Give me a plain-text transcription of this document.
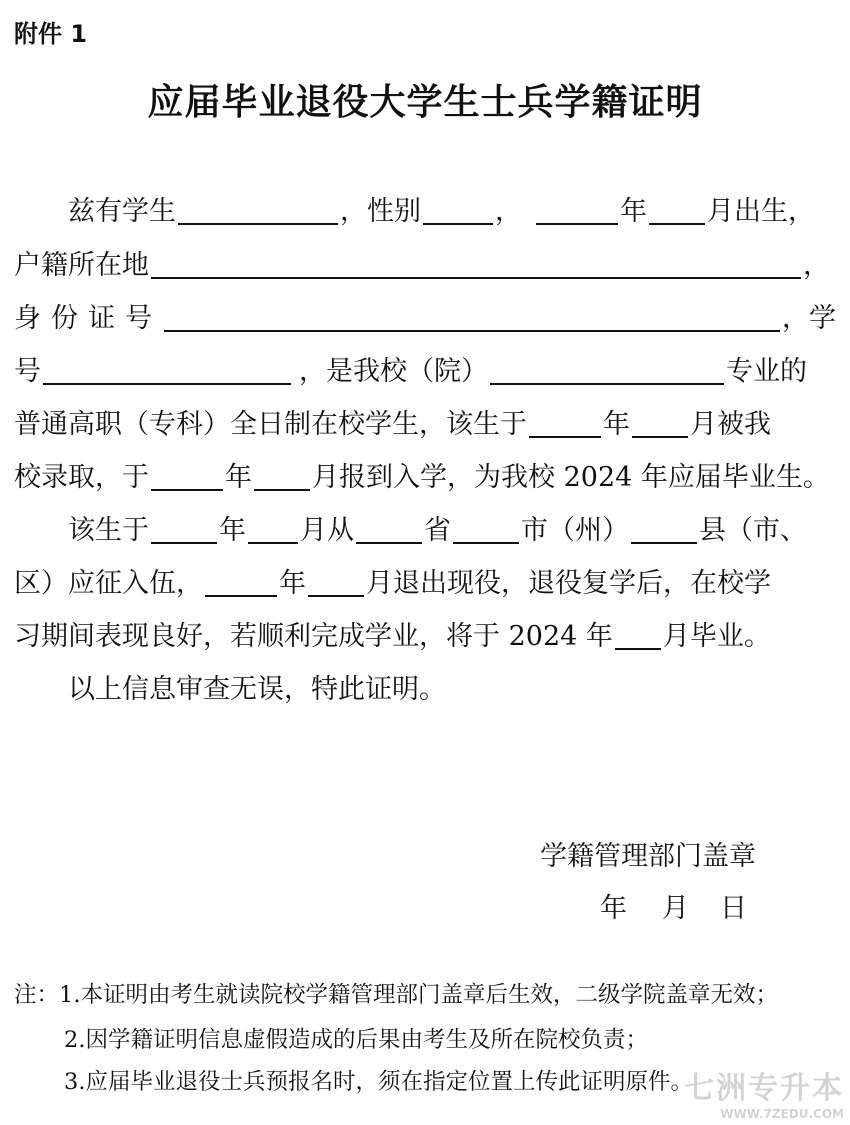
附件 1
应届毕业退役大学生士兵学籍证明
兹有学生	，性别	，	年 月出生，
户籍所在地	，
身份证号	， 学
号	，是我校（院）	专业的
普通高职（专科）全日制在校学生，该生于	年 月被我
校录取，于	年 月报到入学，为我校 2024 年应届毕业生。
该生于	年 月从	省	市（州）	县（市、
区）应征入伍，	年 月退出现役，退役复学后，在校学
习期间表现良好，若顺利完成学业，将于 2024 年 月毕业。
以上信息审查无误，特此证明。
学籍管理部门盖章
年 月 日
注：1.本证明由考生就读院校学籍管理部门盖章后生效，二级学院盖章无效；
2.因学籍证明信息虚假造成的后果由考生及所在院校负责；
3.应届毕业退役士兵预报名时，须在指定位置上传此证明原件。
七洲专升本
WWW.7ZEDU.COM
